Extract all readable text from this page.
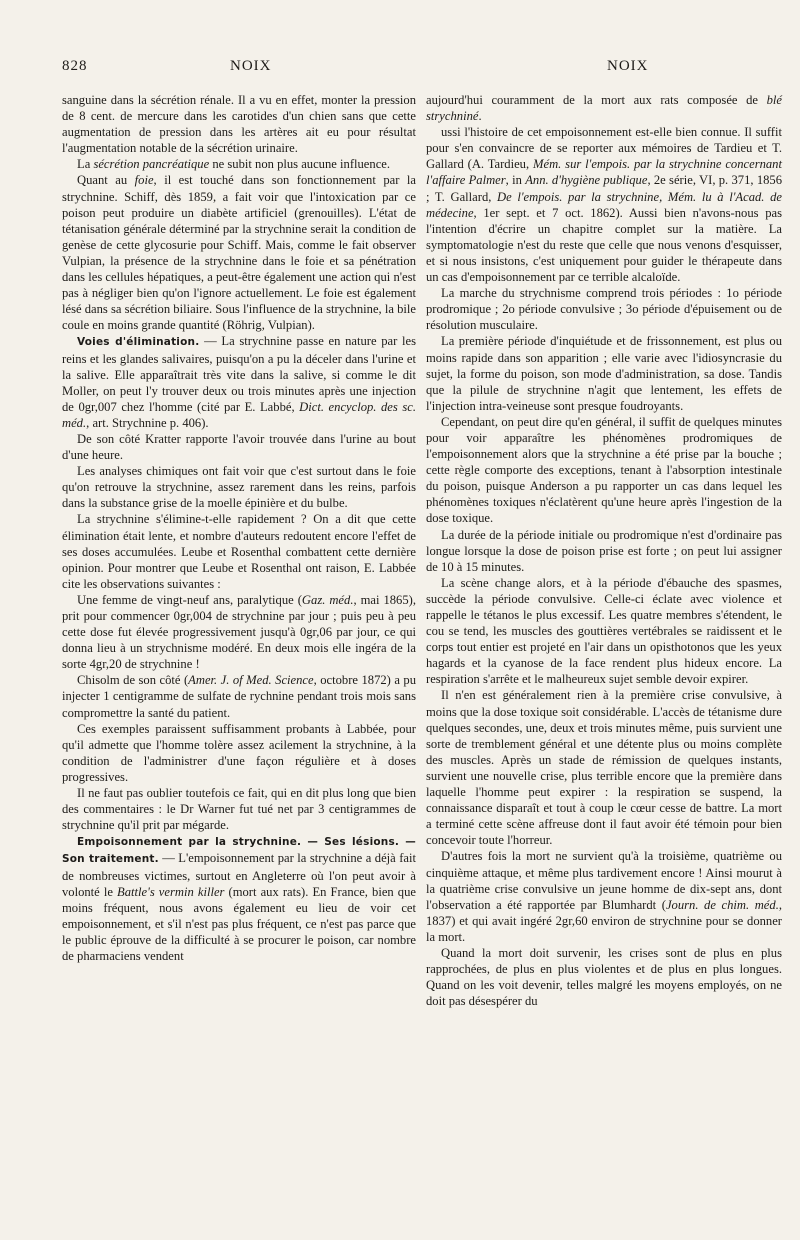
828	NOIX	NOIX

sanguine dans la sécrétion rénale. Il a vu en effet, monter la pression de 8 cent. de mercure dans les carotides d'un chien sans que cette augmentation de pression dans les artères ait eu pour résultat l'augmentation notable de la sécrétion urinaire.

La sécrétion pancréatique ne subit non plus aucune influence.

Quant au foie, il est touché dans son fonctionnement par la strychnine. Schiff, dès 1859, a fait voir que l'intoxication par ce poison peut produire un diabète artificiel (grenouilles). L'état de tétanisation générale déterminé par la strychnine serait la condition de genèse de cette glycosurie pour Schiff. Mais, comme le fait observer Vulpian, la présence de la strychnine dans le foie et sa pénétration dans les cellules hépatiques, a peut-être également une action qui n'est pas à négliger bien qu'on l'ignore actuellement. Le foie est également lésé dans sa sécrétion biliaire. Sous l'influence de la strychnine, la bile coule en moins grande quantité (Röhrig, Vulpian).

Voies d'élimination. — La strychnine passe en nature par les reins et les glandes salivaires, puisqu'on a pu la déceler dans l'urine et la salive. Elle apparaîtrait très vite dans la salive, si comme le dit Moller, on peut l'y trouver deux ou trois minutes après une injection de 0gr,007 chez l'homme (cité par E. Labbé, Dict. encyclop. des sc. méd., art. Strychnine p. 406).

De son côté Kratter rapporte l'avoir trouvée dans l'urine au bout d'une heure.

Les analyses chimiques ont fait voir que c'est surtout dans le foie qu'on retrouve la strychnine, assez rarement dans les reins, parfois dans la substance grise de la moelle épinière et du bulbe.

La strychnine s'élimine-t-elle rapidement ? On a dit que cette élimination était lente, et nombre d'auteurs redoutent encore l'effet de ses doses accumulées. Leube et Rosenthal combattent cette dernière opinion. Pour montrer que Leube et Rosenthal ont raison, E. Labbée cite les observations suivantes :

Une femme de vingt-neuf ans, paralytique (Gaz. méd., mai 1865), prit pour commencer 0gr,004 de strychnine par jour ; puis peu à peu cette dose fut élevée progressivement jusqu'à 0gr,06 par jour, ce qui donna lieu à un strychnisme modéré. En deux mois elle ingéra de la sorte 4gr,20 de strychnine !

Chisolm de son côté (Amer. J. of Med. Science, octobre 1872) a pu injecter 1 centigramme de sulfate de rychnine pendant trois mois sans compromettre la santé du patient.

Ces exemples paraissent suffisamment probants à Labbée, pour qu'il admette que l'homme tolère assez acilement la strychnine, à la condition de l'administrer d'une façon régulière et à doses progressives.

Il ne faut pas oublier toutefois ce fait, qui en dit plus long que bien des commentaires : le Dr Warner fut tué net par 3 centigrammes de strychnine qu'il prit par mégarde.

Empoisonnement par la strychnine. — Ses lésions. — Son traitement. — L'empoisonnement par la strychnine a déjà fait de nombreuses victimes, surtout en Angleterre où l'on peut avoir à volonté le Battle's vermin killer (mort aux rats). En France, bien que moins fréquent, nous avons également eu lieu de voir cet empoisonnement, et s'il n'est pas plus fréquent, ce n'est pas parce que le public éprouve de la difficulté à se procurer le poison, car nombre de pharmaciens vendent

aujourd'hui couramment de la mort aux rats composée de blé strychniné.

ussi l'histoire de cet empoisonnement est-elle bien connue. Il suffit pour s'en convaincre de se reporter aux mémoires de Tardieu et T. Gallard (A. Tardieu, Mém. sur l'empois. par la strychnine concernant l'affaire Palmer, in Ann. d'hygiène publique, 2e série, VI, p. 371, 1856 ; T. Gallard, De l'empois. par la strychnine, Mém. lu à l'Acad. de médecine, 1er sept. et 7 oct. 1862). Aussi bien n'avons-nous pas l'intention d'écrire un chapitre complet sur la matière. La symptomatologie n'est du reste que celle que nous venons d'esquisser, et si nous insistons, c'est uniquement pour guider le thérapeute dans un cas d'empoisonnement par ce terrible alcaloïde.

La marche du strychnisme comprend trois périodes : 1o période prodromique ; 2o période convulsive ; 3o période d'épuisement ou de résolution musculaire.

La première période d'inquiétude et de frissonnement, est plus ou moins rapide dans son apparition ; elle varie avec l'idiosyncrasie du sujet, la forme du poison, son mode d'administration, sa dose. Tandis que la pilule de strychnine n'agit que lentement, les effets de l'injection intra-veineuse sont presque foudroyants.

Cependant, on peut dire qu'en général, il suffit de quelques minutes pour voir apparaître les phénomènes prodromiques de l'empoisonnement alors que la strychnine a été prise par la bouche ; cette règle comporte des exceptions, tenant à l'absorption intestinale du poison, puisque Anderson a pu rapporter un cas dans lequel les phénomènes toxiques n'éclatèrent qu'une heure après l'ingestion de la dose toxique.

La durée de la période initiale ou prodromique n'est d'ordinaire pas longue lorsque la dose de poison prise est forte ; on peut lui assigner de 10 à 15 minutes.

La scène change alors, et à la période d'ébauche des spasmes, succède la période convulsive. Celle-ci éclate avec violence et rappelle le tétanos le plus excessif. Les quatre membres s'étendent, le cou se tend, les muscles des gouttières vertébrales se raidissent et le corps tout entier est projeté en l'air dans un opisthotonos que les yeux hagards et la cyanose de la face rendent plus hideux encore. La respiration s'arrête et le malheureux sujet semble devoir expirer.

Il n'en est généralement rien à la première crise convulsive, à moins que la dose toxique soit considérable. L'accès de tétanisme dure quelques secondes, une, deux et trois minutes même, puis survient une sorte de tremblement général et une détente plus ou moins complète des muscles. Après un stade de rémission de quelques instants, survient une nouvelle crise, plus terrible encore que la première dans laquelle l'homme peut expirer : la respiration se suspend, la connaissance disparaît et tout à coup le cœur cesse de battre. La mort a terminé cette scène affreuse dont il faut avoir été témoin pour bien concevoir toute l'horreur.

D'autres fois la mort ne survient qu'à la troisième, quatrième ou cinquième attaque, et même plus tardivement encore ! Ainsi mourut à la quatrième crise convulsive un jeune homme de dix-sept ans, dont l'observation a été rapportée par Blumhardt (Journ. de chim. méd., 1837) et qui avait ingéré 2gr,60 environ de strychnine pour se donner la mort.

Quand la mort doit survenir, les crises sont de plus en plus rapprochées, de plus en plus violentes et de plus en plus longues. Quand on les voit devenir, telles malgré les moyens employés, on ne doit pas désespérer du
